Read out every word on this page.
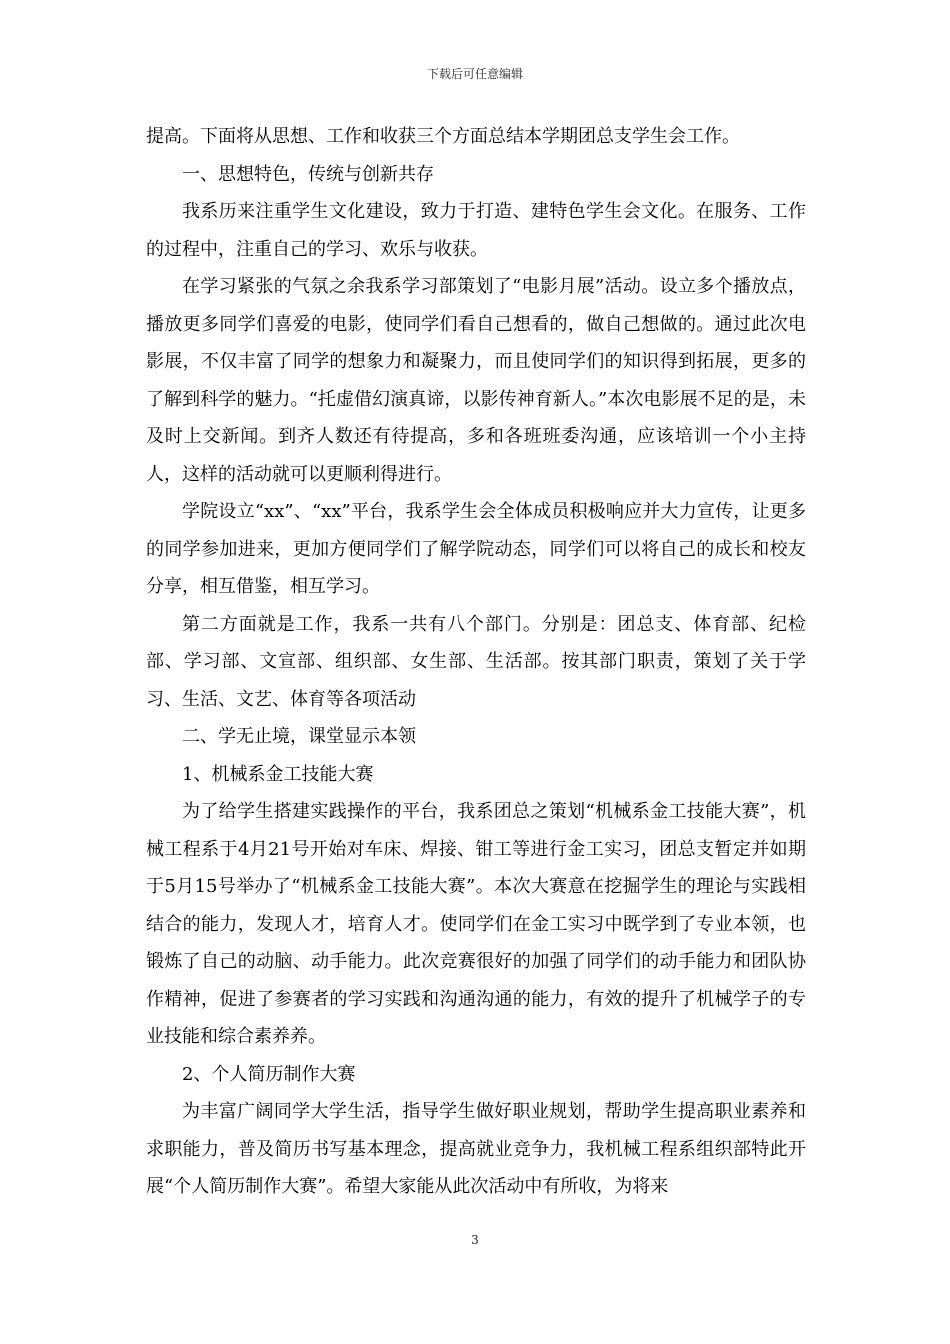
下载后可任意编辑

提高。下面将从思想、工作和收获三个方面总结本学期团总支学生会工作。

一、思想特色，传统与创新共存

我系历来注重学生文化建设，致力于打造、建特色学生会文化。在服务、工作的过程中，注重自己的学习、欢乐与收获。

在学习紧张的气氛之余我系学习部策划了“电影月展”活动。设立多个播放点，播放更多同学们喜爱的电影，使同学们看自己想看的，做自己想做的。通过此次电影展，不仅丰富了同学的想象力和凝聚力，而且使同学们的知识得到拓展，更多的了解到科学的魅力。“托虚借幻演真谛，以影传神育新人。”本次电影展不足的是，未及时上交新闻。到齐人数还有待提高，多和各班班委沟通，应该培训一个小主持人，这样的活动就可以更顺利得进行。

学院设立“xx”、“xx”平台，我系学生会全体成员积极响应并大力宣传，让更多的同学参加进来，更加方便同学们了解学院动态，同学们可以将自己的成长和校友分享，相互借鉴，相互学习。

第二方面就是工作，我系一共有八个部门。分别是：团总支、体育部、纪检部、学习部、文宣部、组织部、女生部、生活部。按其部门职责，策划了关于学习、生活、文艺、体育等各项活动

二、学无止境，课堂显示本领

1、机械系金工技能大赛

为了给学生搭建实践操作的平台，我系团总之策划“机械系金工技能大赛”，机械工程系于4月21号开始对车床、焊接、钳工等进行金工实习，团总支暂定并如期于5月15号举办了“机械系金工技能大赛”。本次大赛意在挖掘学生的理论与实践相结合的能力，发现人才，培育人才。使同学们在金工实习中既学到了专业本领，也锻炼了自己的动脑、动手能力。此次竞赛很好的加强了同学们的动手能力和团队协作精神，促进了参赛者的学习实践和沟通沟通的能力，有效的提升了机械学子的专业技能和综合素养养。

2、个人简历制作大赛

为丰富广阔同学大学生活，指导学生做好职业规划，帮助学生提高职业素养和求职能力，普及简历书写基本理念，提高就业竞争力，我机械工程系组织部特此开展“个人简历制作大赛”。希望大家能从此次活动中有所收，为将来

3
